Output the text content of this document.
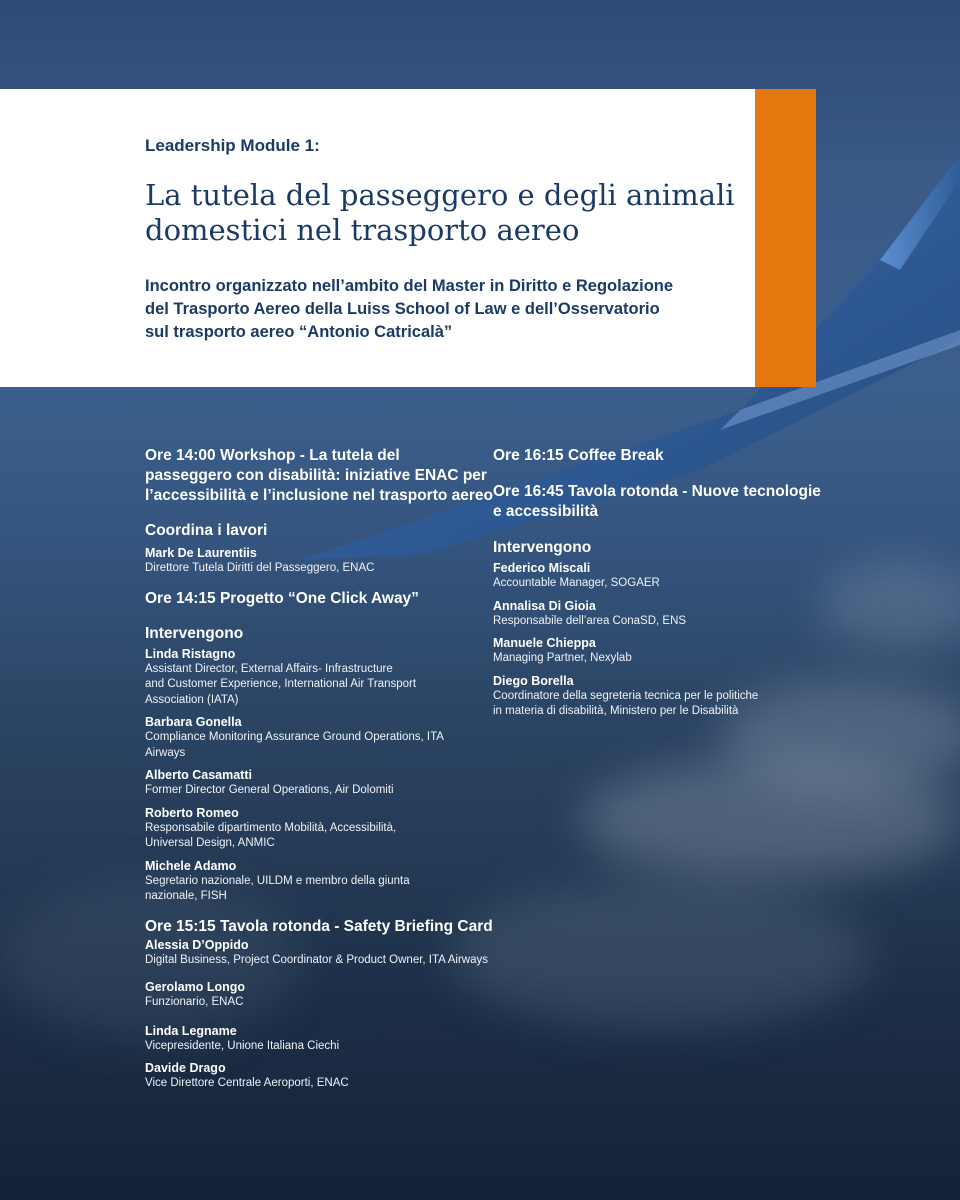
Leadership Module 1:
La tutela del passeggero e degli animali
domestici nel trasporto aereo
Incontro organizzato nell’ambito del Master in Diritto e Regolazione
del Trasporto Aereo della Luiss School of Law e dell’Osservatorio
sul trasporto aereo “Antonio Catricalà”
Ore 14:00 Workshop - La tutela del
passeggero con disabilità: iniziative ENAC per
l’accessibilità e l’inclusione nel trasporto aereo
Coordina i lavori
Mark De Laurentiis
Direttore Tutela Diritti del Passeggero, ENAC
Ore 14:15 Progetto “One Click Away”
Intervengono
Linda Ristagno
Assistant Director, External Affairs- Infrastructure
and Customer Experience, International Air Transport
Association (IATA)
Barbara Gonella
Compliance Monitoring Assurance Ground Operations, ITA
Airways
Alberto Casamatti
Former Director General Operations, Air Dolomiti
Roberto Romeo
Responsabile dipartimento Mobilità, Accessibilità,
Universal Design, ANMIC
Michele Adamo
Segretario nazionale, UILDM e membro della giunta
nazionale, FISH
Ore 15:15 Tavola rotonda - Safety Briefing Card
Alessia D’Oppido
Digital Business, Project Coordinator & Product Owner, ITA Airways
Gerolamo Longo
Funzionario, ENAC
Linda Legname
Vicepresidente, Unione Italiana Ciechi
Davide Drago
Vice Direttore Centrale Aeroporti, ENAC
Ore 16:15 Coffee Break
Ore 16:45 Tavola rotonda - Nuove tecnologie
e accessibilità
Intervengono
Federico Miscali
Accountable Manager, SOGAER
Annalisa Di Gioia
Responsabile dell’area ConaSD, ENS
Manuele Chieppa
Managing Partner, Nexylab
Diego Borella
Coordinatore della segreteria tecnica per le politiche
in materia di disabilità, Ministero per le Disabilità
